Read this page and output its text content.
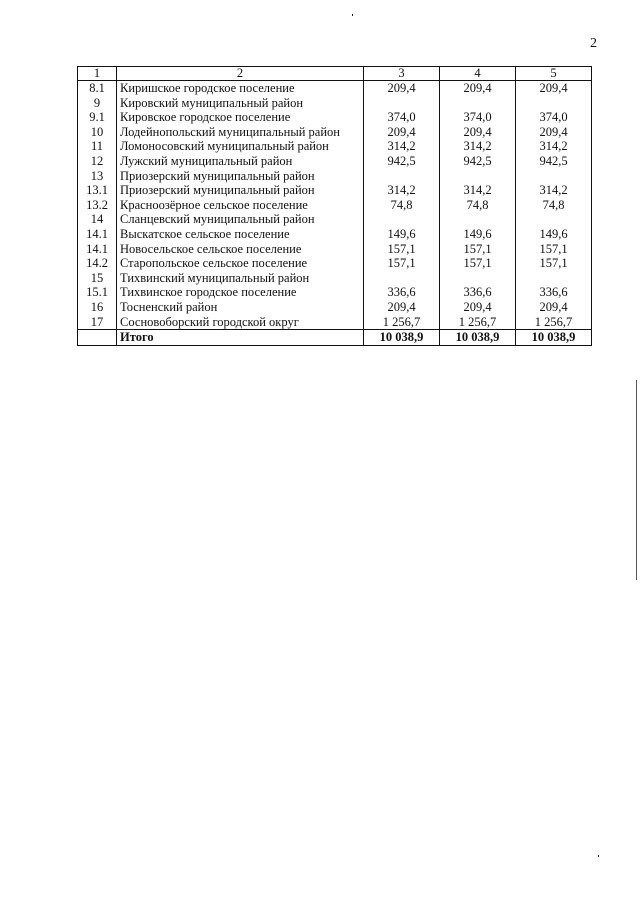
2
1	2	3	4	5
8.1	Киришское городское поселение	209,4	209,4	209,4
9	Кировский муниципальный район			
9.1	Кировское городское поселение	374,0	374,0	374,0
10	Лодейнопольский муниципальный район	209,4	209,4	209,4
11	Ломоносовский муниципальный район	314,2	314,2	314,2
12	Лужский муниципальный район	942,5	942,5	942,5
13	Приозерский муниципальный район			
13.1	Приозерский муниципальный район	314,2	314,2	314,2
13.2	Красноозёрное сельское поселение	74,8	74,8	74,8
14	Сланцевский муниципальный район			
14.1	Выскатское сельское поселение	149,6	149,6	149,6
14.1	Новосельское сельское поселение	157,1	157,1	157,1
14.2	Старопольское сельское поселение	157,1	157,1	157,1
15	Тихвинский муниципальный район			
15.1	Тихвинское городское поселение	336,6	336,6	336,6
16	Тосненский район	209,4	209,4	209,4
17	Сосновоборский городской округ	1 256,7	1 256,7	1 256,7
	Итого	10 038,9	10 038,9	10 038,9
